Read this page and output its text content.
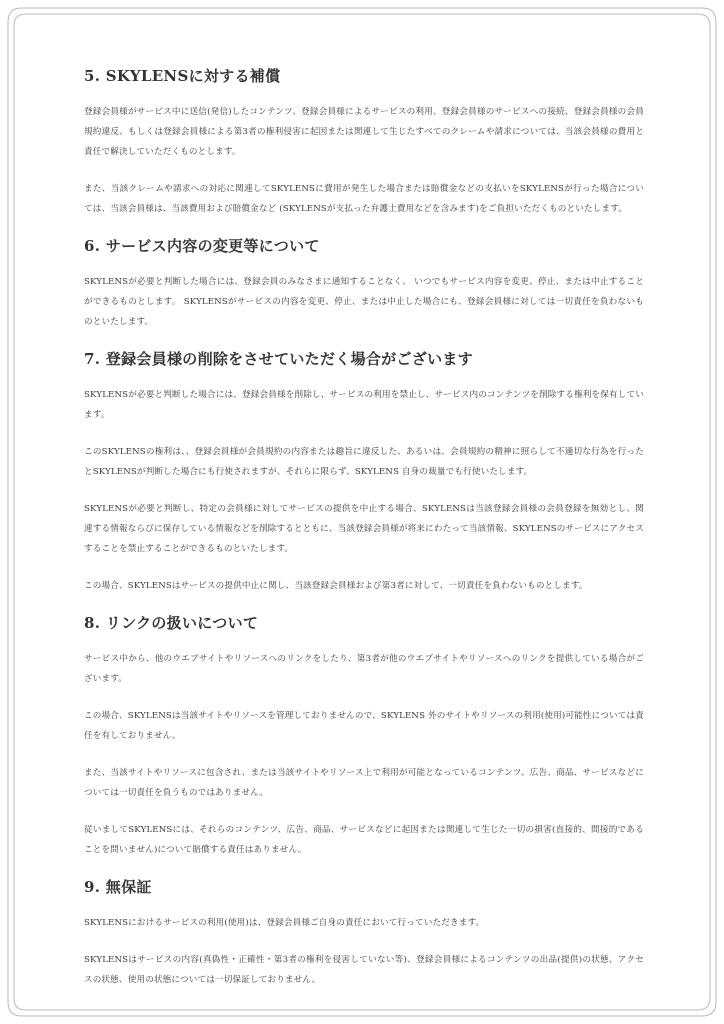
5. SKYLENSに対する補償

登録会員様がサービス中に送信(発信)したコンテンツ、登録会員様によるサービスの利用、登録会員様のサービスへの接続、登録会員様の会員規約違反、もしくは登録会員様による第3者の権利侵害に起因または関連して生じたすべてのクレームや請求については、当該会員様の費用と責任で解決していただくものとします。

また、当該クレームや請求への対応に関連してSKYLENSに費用が発生した場合または賠償金などの支払いをSKYLENSが行った場合については、当該会員様は、当該費用および賠償金など (SKYLENSが支払った弁護士費用などを含みます)をご負担いただくものといたします。

6. サービス内容の変更等について

SKYLENSが必要と判断した場合には、登録会員のみなさまに通知することなく、 いつでもサービス内容を変更、停止、または中止することができるものとします。 SKYLENSがサービスの内容を変更、停止、または中止した場合にも、登録会員様に対しては一切責任を負わないものといたします。

7. 登録会員様の削除をさせていただく場合がございます

SKYLENSが必要と判断した場合には、登録会員様を削除し、サービスの利用を禁止し、サービス内のコンテンツを削除する権利を保有しています。

このSKYLENSの権利は、、登録会員様が会員規約の内容または趣旨に違反した、あるいは、会員規約の精神に照らして不適切な行為を行ったとSKYLENSが判断した場合にも行使されますが、それらに限らず、SKYLENS 自身の裁量でも行使いたします。

SKYLENSが必要と判断し、特定の会員様に対してサービスの提供を中止する場合、SKYLENSは当該登録会員様の会員登録を無効とし、関連する情報ならびに保存している情報などを削除するとともに、当該登録会員様が将来にわたって当該情報、SKYLENSのサービスにアクセスすることを禁止することができるものといたします。

この場合、SKYLENSはサービスの提供中止に関し、当該登録会員様および第3者に対して、一切責任を負わないものとします。

8. リンクの扱いについて

サービス中から、他のウエブサイトやリソースへのリンクをしたり、第3者が他のウエブサイトやリソースへのリンクを提供している場合がございます。

この場合、SKYLENSは当該サイトやリソースを管理しておりませんので、SKYLENS 外のサイトやリソースの利用(使用)可能性については責任を有しておりません。

また、当該サイトやリソースに包含され、または当該サイトやリソース上で利用が可能となっているコンテンツ、広告、商品、サービスなどについては一切責任を負うものではありません。

従いましてSKYLENSには、それらのコンテンツ、広告、商品、サービスなどに起因または関連して生じた一切の損害(直接的、間接的であることを問いません)について賠償する責任はありません。

9. 無保証

SKYLENSにおけるサービスの利用(使用)は、登録会員様ご自身の責任において行っていただきます。

SKYLENSはサービスの内容(真偽性・正確性・第3者の権利を侵害していない等)、登録会員様によるコンテンツの出品(提供)の状態、アクセスの状態、使用の状態については一切保証しておりません。
